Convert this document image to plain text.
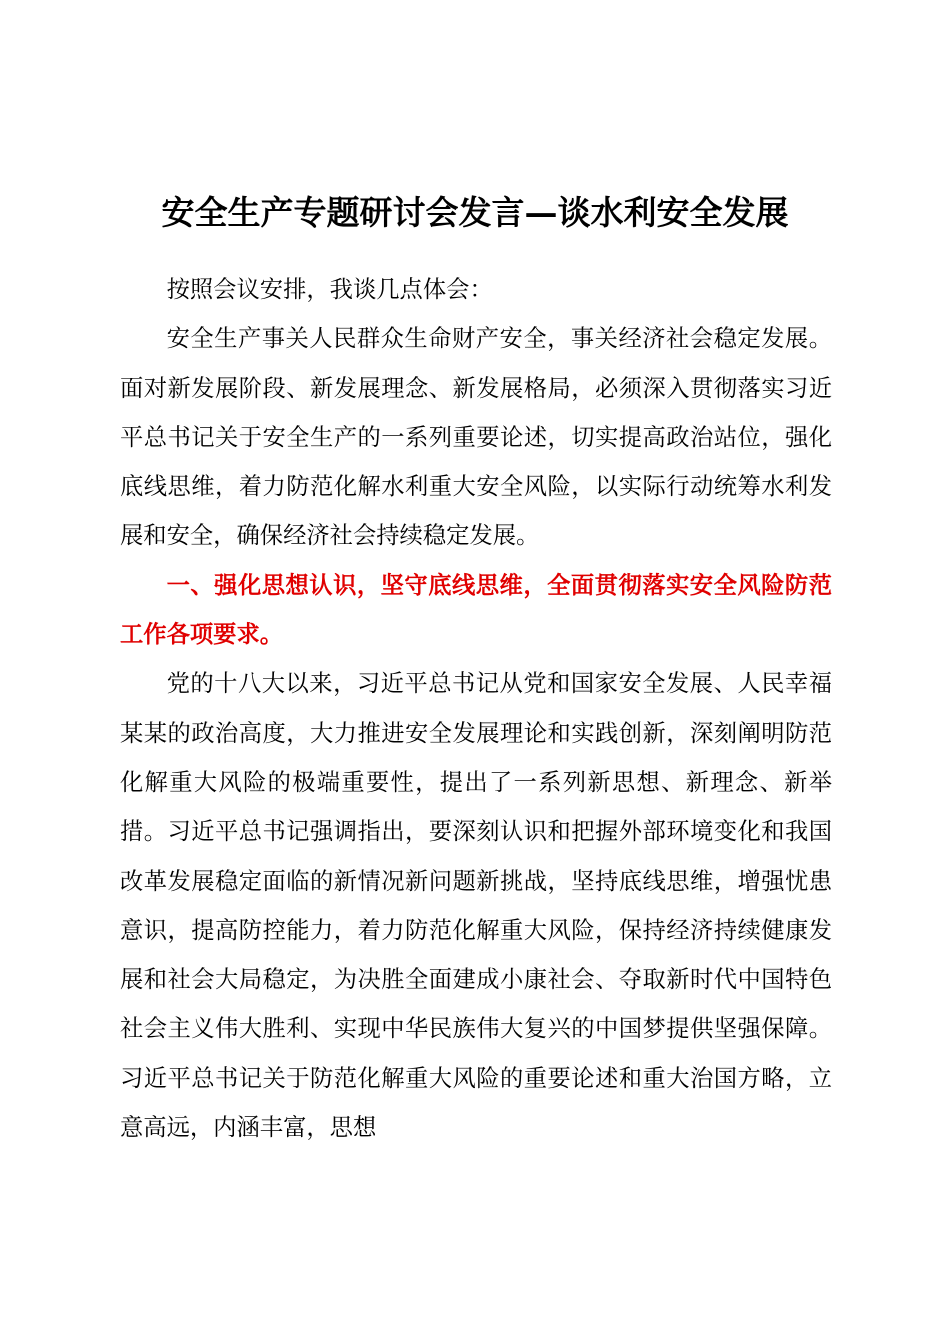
安全生产专题研讨会发言—谈水利安全发展

按照会议安排，我谈几点体会：

安全生产事关人民群众生命财产安全，事关经济社会稳定发展。面对新发展阶段、新发展理念、新发展格局，必须深入贯彻落实习近平总书记关于安全生产的一系列重要论述，切实提高政治站位，强化底线思维，着力防范化解水利重大安全风险，以实际行动统筹水利发展和安全，确保经济社会持续稳定发展。

一、强化思想认识，坚守底线思维，全面贯彻落实安全风险防范工作各项要求。

党的十八大以来，习近平总书记从党和国家安全发展、人民幸福某某的政治高度，大力推进安全发展理论和实践创新，深刻阐明防范化解重大风险的极端重要性，提出了一系列新思想、新理念、新举措。习近平总书记强调指出，要深刻认识和把握外部环境变化和我国改革发展稳定面临的新情况新问题新挑战，坚持底线思维，增强忧患意识，提高防控能力，着力防范化解重大风险，保持经济持续健康发展和社会大局稳定，为决胜全面建成小康社会、夺取新时代中国特色社会主义伟大胜利、实现中华民族伟大复兴的中国梦提供坚强保障。习近平总书记关于防范化解重大风险的重要论述和重大治国方略，立意高远，内涵丰富，思想
